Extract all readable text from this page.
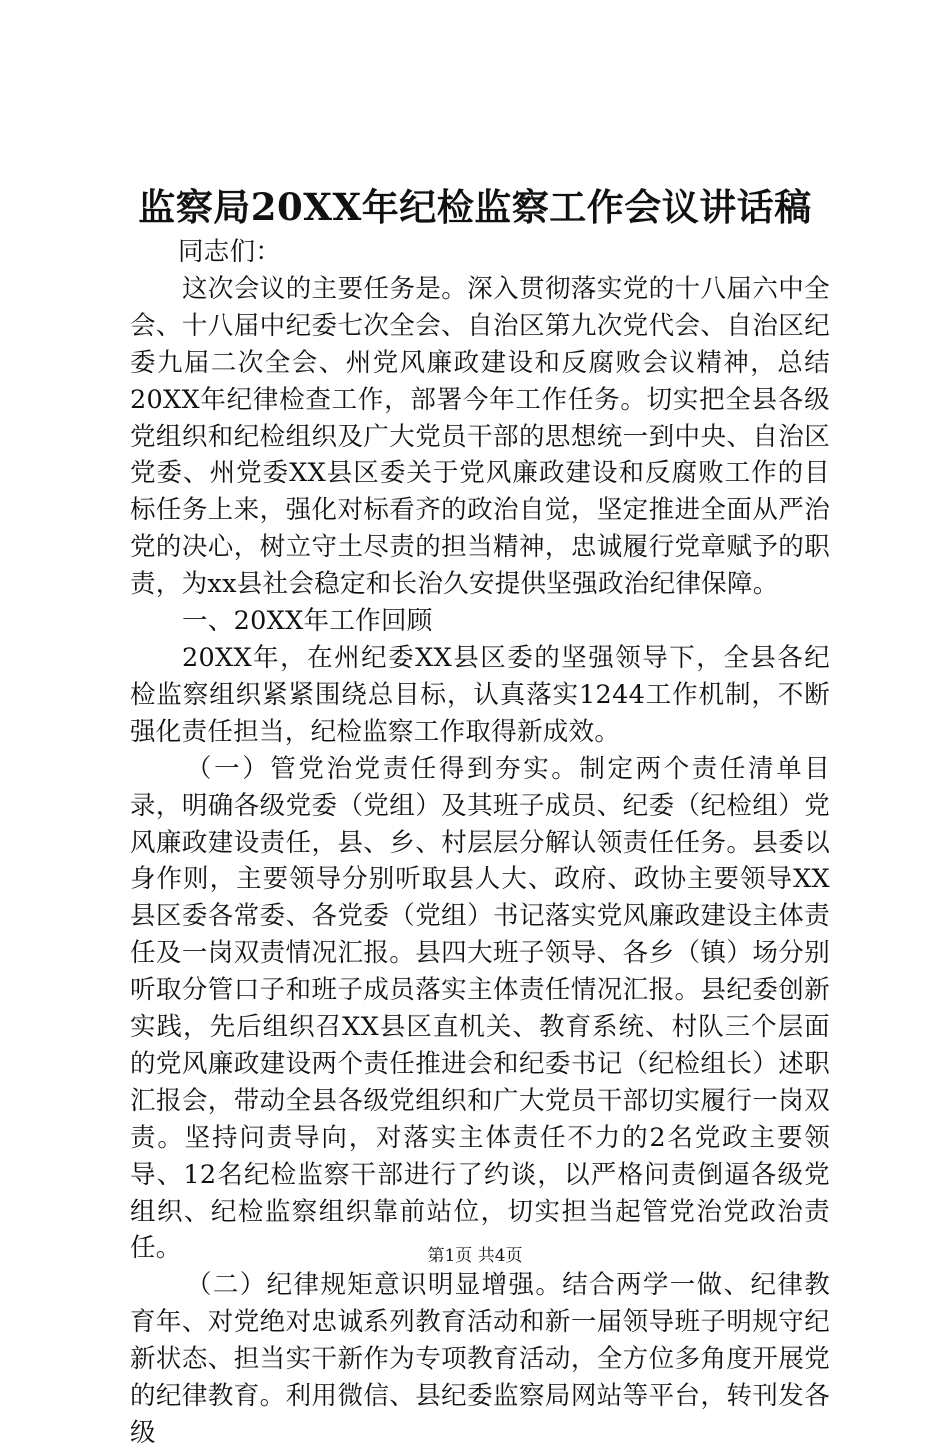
监察局20XX年纪检监察工作会议讲话稿

同志们：

这次会议的主要任务是。深入贯彻落实党的十八届六中全会、十八届中纪委七次全会、自治区第九次党代会、自治区纪委九届二次全会、州党风廉政建设和反腐败会议精神，总结20XX年纪律检查工作，部署今年工作任务。切实把全县各级党组织和纪检组织及广大党员干部的思想统一到中央、自治区党委、州党委XX县区委关于党风廉政建设和反腐败工作的目标任务上来，强化对标看齐的政治自觉，坚定推进全面从严治党的决心，树立守土尽责的担当精神，忠诚履行党章赋予的职责，为xx县社会稳定和长治久安提供坚强政治纪律保障。

一、20XX年工作回顾

20XX年，在州纪委XX县区委的坚强领导下，全县各纪检监察组织紧紧围绕总目标，认真落实1244工作机制，不断强化责任担当，纪检监察工作取得新成效。

（一）管党治党责任得到夯实。制定两个责任清单目录，明确各级党委（党组）及其班子成员、纪委（纪检组）党风廉政建设责任，县、乡、村层层分解认领责任任务。县委以身作则，主要领导分别听取县人大、政府、政协主要领导XX县区委各常委、各党委（党组）书记落实党风廉政建设主体责任及一岗双责情况汇报。县四大班子领导、各乡（镇）场分别听取分管口子和班子成员落实主体责任情况汇报。县纪委创新实践，先后组织召XX县区直机关、教育系统、村队三个层面的党风廉政建设两个责任推进会和纪委书记（纪检组长）述职汇报会，带动全县各级党组织和广大党员干部切实履行一岗双责。坚持问责导向，对落实主体责任不力的2名党政主要领导、12名纪检监察干部进行了约谈，以严格问责倒逼各级党组织、纪检监察组织靠前站位，切实担当起管党治党政治责任。

（二）纪律规矩意识明显增强。结合两学一做、纪律教育年、对党绝对忠诚系列教育活动和新一届领导班子明规守纪新状态、担当实干新作为专项教育活动，全方位多角度开展党的纪律教育。利用微信、县纪委监察局网站等平台，转刊发各级

第1页 共4页
